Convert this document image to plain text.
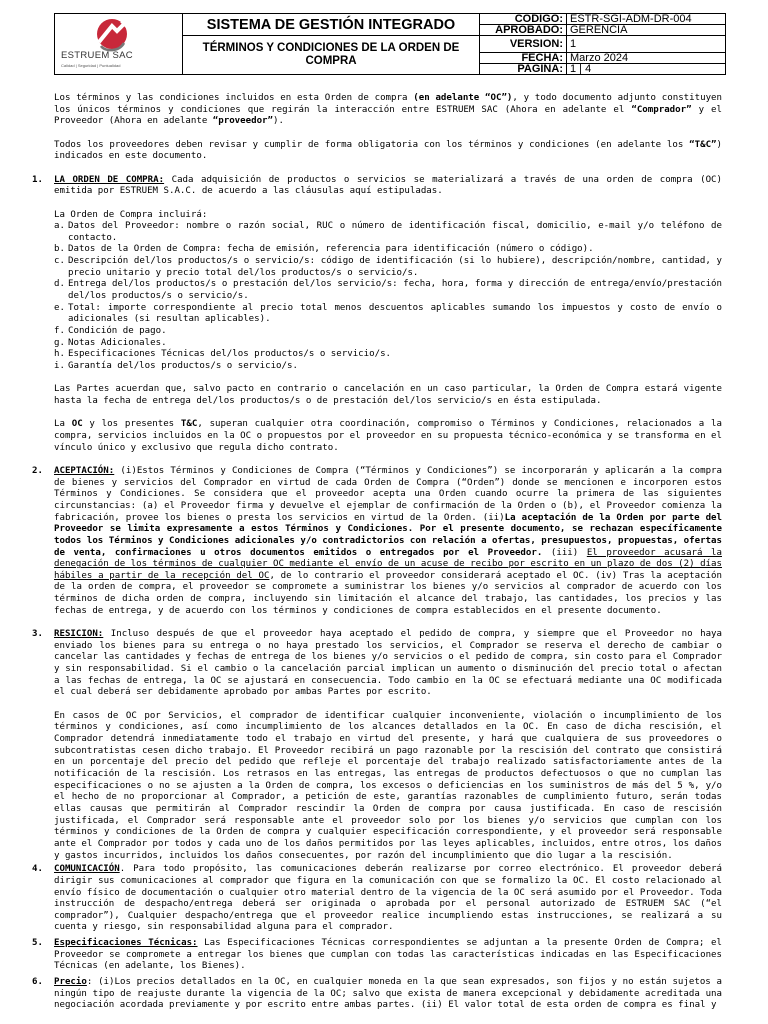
ESTRUEM SAC
Calidad | Seguridad | Puntualidad	SISTEMA DE GESTIÓN INTEGRADO	CODIGO:	ESTR-SGI-ADM-DR-004
		APROBADO:	GERENCIA

	TÉRMINOS Y CONDICIONES DE LA ORDEN DE COMPRA	VERSION:	1
		FECHA:	Marzo 2024
		PAGINA:	1 | 4

Los términos y las condiciones incluidos en esta Orden de compra (en adelante “OC”), y todo documento adjunto constituyen los únicos términos y condiciones que regirán la interacción entre ESTRUEM SAC (Ahora en adelante el “Comprador” y el Proveedor (Ahora en adelante “proveedor”).

Todos los proveedores deben revisar y cumplir de forma obligatoria con los términos y condiciones (en adelante los “T&C”) indicados en este documento.

1. LA ORDEN DE COMPRA: Cada adquisición de productos o servicios se materializará a través de una orden de compra (OC) emitida por ESTRUEM S.A.C. de acuerdo a las cláusulas aquí estipuladas.

La Orden de Compra incluirá:

a. Datos del Proveedor: nombre o razón social, RUC o número de identificación fiscal, domicilio, e-mail y/o teléfono de contacto.
b. Datos de la Orden de Compra: fecha de emisión, referencia para identificación (número o código).
c. Descripción del/los productos/s o servicio/s: código de identificación (si lo hubiere), descripción/nombre, cantidad, y precio unitario y precio total del/los productos/s o servicio/s.
d. Entrega del/los productos/s o prestación del/los servicio/s: fecha, hora, forma y dirección de entrega/envío/prestación del/los productos/s o servicio/s.
e. Total: importe correspondiente al precio total menos descuentos aplicables sumando los impuestos y costo de envío o adicionales (si resultan aplicables).
f. Condición de pago.
g. Notas Adicionales.
h. Especificaciones Técnicas del/los productos/s o servicio/s.
i. Garantía del/los productos/s o servicio/s.

Las Partes acuerdan que, salvo pacto en contrario o cancelación en un caso particular, la Orden de Compra estará vigente hasta la fecha de entrega del/los productos/s o de prestación del/los servicio/s en ésta estipulada.

La OC y los presentes T&C, superan cualquier otra coordinación, compromiso o Términos y Condiciones, relacionados a la compra, servicios incluidos en la OC o propuestos por el proveedor en su propuesta técnico-económica y se transforma en el vínculo único y exclusivo que regula dicho contrato.

2. ACEPTACIÓN: (i)Estos Términos y Condiciones de Compra (“Términos y Condiciones”) se incorporarán y aplicarán a la compra de bienes y servicios del Comprador en virtud de cada Orden de Compra (“Orden”) donde se mencionen e incorporen estos Términos y Condiciones. Se considera que el proveedor acepta una Orden cuando ocurre la primera de las siguientes circunstancias: (a) el Proveedor firma y devuelve el ejemplar de confirmación de la Orden o (b), el Proveedor comienza la fabricación, provee los bienes o presta los servicios en virtud de la Orden. (ii)La aceptación de la Orden por parte del Proveedor se limita expresamente a estos Términos y Condiciones. Por el presente documento, se rechazan específicamente todos los Términos y Condiciones adicionales y/o contradictorios con relación a ofertas, presupuestos, propuestas, ofertas de venta, confirmaciones u otros documentos emitidos o entregados por el Proveedor. (iii) El proveedor acusará la denegación de los términos de cualquier OC mediante el envío de un acuse de recibo por escrito en un plazo de dos (2) días hábiles a partir de la recepción del OC, de lo contrario el proveedor considerará aceptado el OC. (iv) Tras la aceptación de la orden de compra, el proveedor se compromete a suministrar los bienes y/o servicios al comprador de acuerdo con los términos de dicha orden de compra, incluyendo sin limitación el alcance del trabajo, las cantidades, los precios y las fechas de entrega, y de acuerdo con los términos y condiciones de compra establecidos en el presente documento.

3. RESICION: Incluso después de que el proveedor haya aceptado el pedido de compra, y siempre que el Proveedor no haya enviado los bienes para su entrega o no haya prestado los servicios, el Comprador se reserva el derecho de cambiar o cancelar las cantidades y fechas de entrega de los bienes y/o servicios o el pedido de compra, sin costo para el Comprador y sin responsabilidad. Si el cambio o la cancelación parcial implican un aumento o disminución del precio total o afectan a las fechas de entrega, la OC se ajustará en consecuencia. Todo cambio en la OC se efectuará mediante una OC modificada el cual deberá ser debidamente aprobado por ambas Partes por escrito.

En casos de OC por Servicios, el comprador de identificar cualquier inconveniente, violación o incumplimiento de los términos y condiciones, así como incumplimiento de los alcances detallados en la OC. En caso de dicha rescisión, el Comprador detendrá inmediatamente todo el trabajo en virtud del presente, y hará que cualquiera de sus proveedores o subcontratistas cesen dicho trabajo. El Proveedor recibirá un pago razonable por la rescisión del contrato que consistirá en un porcentaje del precio del pedido que refleje el porcentaje del trabajo realizado satisfactoriamente antes de la notificación de la rescisión. Los retrasos en las entregas, las entregas de productos defectuosos o que no cumplan las especificaciones o no se ajusten a la Orden de compra, los excesos o deficiencias en los suministros de más del 5 %, y/o el hecho de no proporcionar al Comprador, a petición de este, garantías razonables de cumplimiento futuro, serán todas ellas causas que permitirán al Comprador rescindir la Orden de compra por causa justificada. En caso de rescisión justificada, el Comprador será responsable ante el proveedor solo por los bienes y/o servicios que cumplan con los términos y condiciones de la Orden de compra y cualquier especificación correspondiente, y el proveedor será responsable ante el Comprador por todos y cada uno de los daños permitidos por las leyes aplicables, incluidos, entre otros, los daños y gastos incurridos, incluidos los daños consecuentes, por razón del incumplimiento que dio lugar a la rescisión.

4. COMUNICACIÓN. Para todo propósito, las comunicaciones deberán realizarse por correo electrónico. El proveedor deberá dirigir sus comunicaciones al comprador que figura en la comunicación con que se formalizo la OC. El costo relacionado al envío físico de documentación o cualquier otro material dentro de la vigencia de la OC será asumido por el Proveedor. Toda instrucción de despacho/entrega deberá ser originada o aprobada por el personal autorizado de ESTRUEM SAC (“el comprador”), Cualquier despacho/entrega que el proveedor realice incumpliendo estas instrucciones, se realizará a su cuenta y riesgo, sin responsabilidad alguna para el comprador.

5. Especificaciones Técnicas: Las Especificaciones Técnicas correspondientes se adjuntan a la presente Orden de Compra; el Proveedor se compromete a entregar los bienes que cumplan con todas las características indicadas en las Especificaciones Técnicas (en adelante, los Bienes).

6. Precio: (i)Los precios detallados en la OC, en cualquier moneda en la que sean expresados, son fijos y no están sujetos a ningún tipo de reajuste durante la vigencia de la OC; salvo que exista de manera excepcional y debidamente acreditada una negociación acordada previamente y por escrito entre ambas partes. (ii) El valor total de esta orden de compra es final y
